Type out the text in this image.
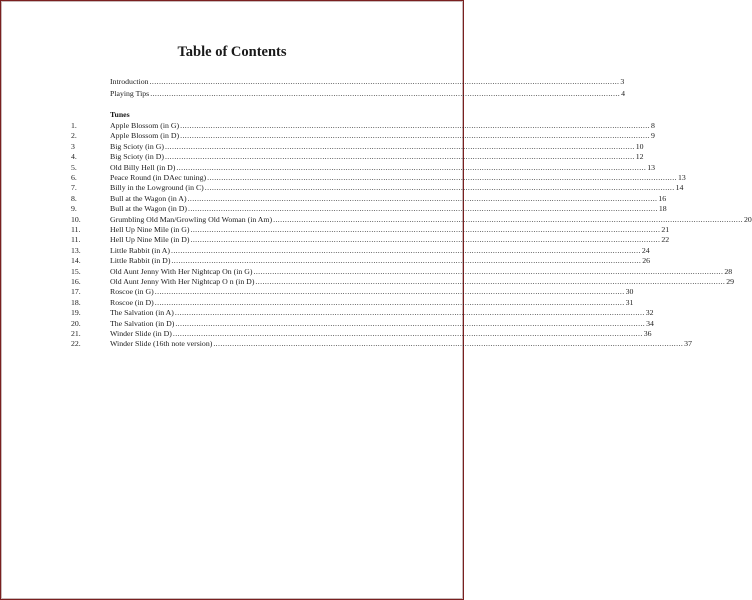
Table of Contents
Introduction ........................................................................................................................................................................................................ 3
Playing Tips ........................................................................................................................................................................................................ 4
1.	Apple Blossom (in G) ........................................................................................................................................................................................................ 8
2.	Apple Blossom (in D) ........................................................................................................................................................................................................ 9
3	Big Scioty (in G) ........................................................................................................................................................................................................ 10
4.	Big Scioty (in D) ........................................................................................................................................................................................................ 12
5.	Old Billy Hell (in D) ........................................................................................................................................................................................................ 13
6.	Peace Round (in DAec tuning) ........................................................................................................................................................................................................ 13
7.	Billy in the Lowground (in C) ........................................................................................................................................................................................................ 14
8.	Bull at the Wagon (in A) ........................................................................................................................................................................................................ 16
9.	Bull at the Wagon (in D) ........................................................................................................................................................................................................ 18
10.	Grumbling Old Man/Growling Old Woman (in Am) ........................................................................................................................................................................................................ 20
11.	Hell Up Nine Mile (in G) ........................................................................................................................................................................................................ 21
11.	Hell Up Nine Mile (in D) ........................................................................................................................................................................................................ 22
13.	Little Rabbit (in A) ........................................................................................................................................................................................................ 24
14.	Little Rabbit (in D) ........................................................................................................................................................................................................ 26
15.	Old Aunt Jenny With Her Nightcap On (in G) ........................................................................................................................................................................................................ 28
16.	Old Aunt Jenny With Her Nightcap O n (in D) ........................................................................................................................................................................................................ 29
17.	Roscoe (in G) ........................................................................................................................................................................................................ 30
18.	Roscoe (in D) ........................................................................................................................................................................................................ 31
19.	The Salvation (in A) ........................................................................................................................................................................................................ 32
20.	The Salvation (in D) ........................................................................................................................................................................................................ 34
21.	Winder Slide (in D) ........................................................................................................................................................................................................ 36
22.	Winder Slide (16th note version) ........................................................................................................................................................................................................ 37
Tunes
